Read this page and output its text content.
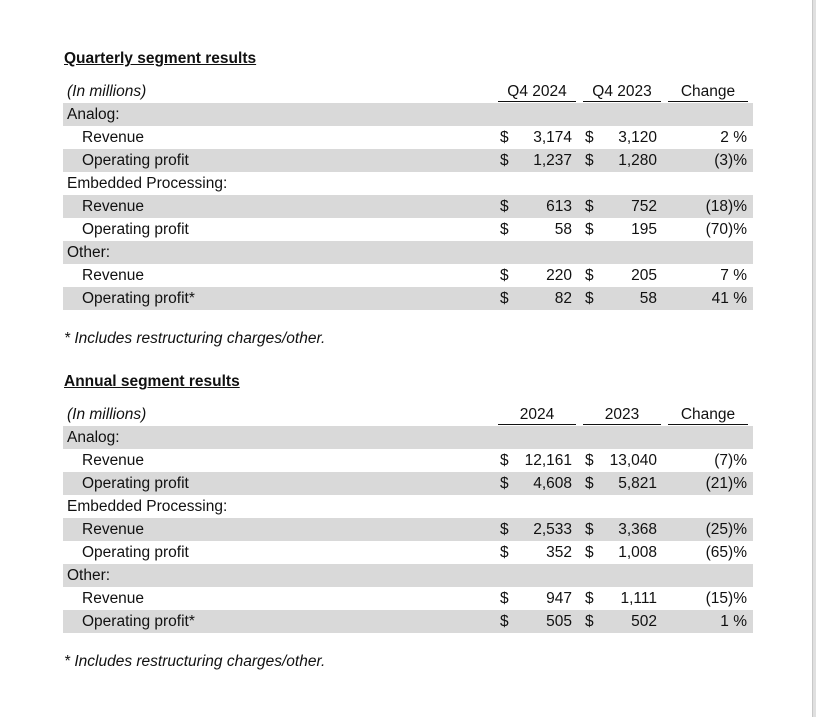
Quarterly segment results
(In millions)	Q4 2024	Q4 2023	Change
Analog:
Revenue	$	3,174 $	3,120	2 %
Operating profit	$	1,237 $	1,280	(3)%
Embedded Processing:
Revenue	$	613 $	752	(18)%
Operating profit	$	58 $	195	(70)%
Other:
Revenue	$	220 $	205	7 %
Operating profit*	$	82 $	58	41 %
* Includes restructuring charges/other.
Annual segment results
(In millions)	2024	2023	Change
Analog:
Revenue	$	12,161 $	13,040	(7)%
Operating profit	$	4,608 $	5,821	(21)%
Embedded Processing:
Revenue	$	2,533 $	3,368	(25)%
Operating profit	$	352 $	1,008	(65)%
Other:
Revenue	$	947 $	1,111	(15)%
Operating profit*	$	505 $	502	1 %
* Includes restructuring charges/other.
